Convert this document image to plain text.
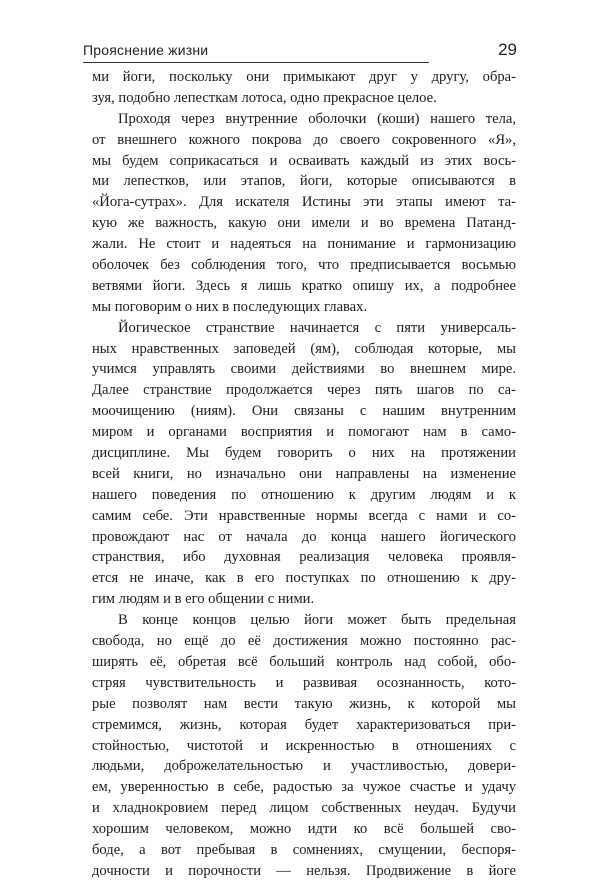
Прояснение жизни	29
ми йоги, поскольку они примыкают друг у другу, обра-
зуя, подобно лепесткам лотоса, одно прекрасное целое.
Проходя через внутренние оболочки (коши) нашего тела,
от внешнего кожного покрова до своего сокровенного «Я»,
мы будем соприкасаться и осваивать каждый из этих вось-
ми лепестков, или этапов, йоги, которые описываются в
«Йога-сутрах». Для искателя Истины эти этапы имеют та-
кую же важность, какую они имели и во времена Патанд-
жали. Не стоит и надеяться на понимание и гармонизацию
оболочек без соблюдения того, что предписывается восьмью
ветвями йоги. Здесь я лишь кратко опишу их, а подробнее
мы поговорим о них в последующих главах.
Йогическое странствие начинается с пяти универсаль-
ных нравственных заповедей (ям), соблюдая которые, мы
учимся управлять своими действиями во внешнем мире.
Далее странствие продолжается через пять шагов по са-
моочищению (ниям). Они связаны с нашим внутренним
миром и органами восприятия и помогают нам в само-
дисциплине. Мы будем говорить о них на протяжении
всей книги, но изначально они направлены на изменение
нашего поведения по отношению к другим людям и к
самим себе. Эти нравственные нормы всегда с нами и со-
провождают нас от начала до конца нашего йогического
странствия, ибо духовная реализация человека проявля-
ется не иначе, как в его поступках по отношению к дру-
гим людям и в его общении с ними.
В конце концов целью йоги может быть предельная
свобода, но ещё до её достижения можно постоянно рас-
ширять её, обретая всё больший контроль над собой, обо-
стряя чувствительность и развивая осознанность, кото-
рые позволят нам вести такую жизнь, к которой мы
стремимся, жизнь, которая будет характеризоваться при-
стойностью, чистотой и искренностью в отношениях с
людьми, доброжелательностью и участливостью, довери-
ем, уверенностью в себе, радостью за чужое счастье и удачу
и хладнокровием перед лицом собственных неудач. Будучи
хорошим человеком, можно идти ко всё большей сво-
боде, а вот пребывая в сомнениях, смущении, беспоря-
дочности и порочности — нельзя. Продвижение в йоге
